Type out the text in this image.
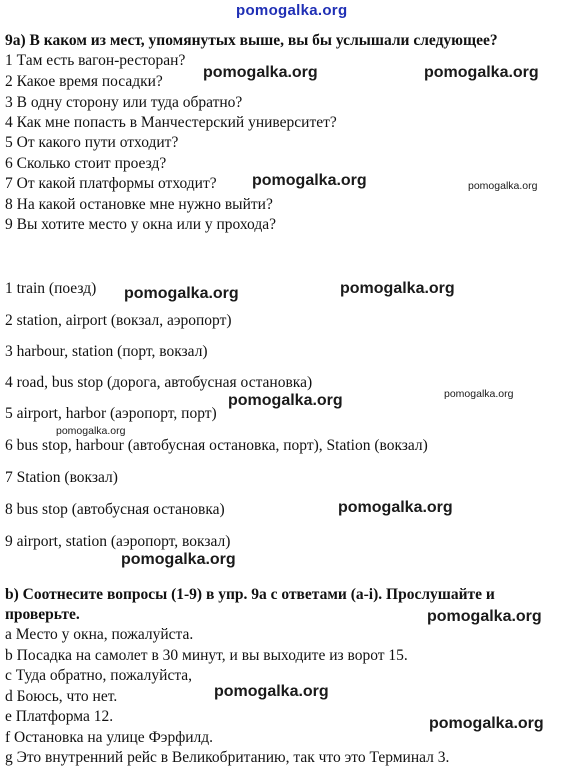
pomogalka.org
9a) В каком из мест, упомянутых выше, вы бы услышали следующее?
1 Там есть вагон-ресторан?
2 Какое время посадки?
3 В одну сторону или туда обратно?
4 Как мне попасть в Манчестерский университет?
5 От какого пути отходит?
6 Сколько стоит проезд?
7 От какой платформы отходит?
8 На какой остановке мне нужно выйти?
9 Вы хотите место у окна или у прохода?
1 train (поезд)
2 station, airport (вокзал, аэропорт)
3 harbour, station (порт, вокзал)
4 road, bus stop (дорога, автобусная остановка)
5 airport, harbor (аэропорт, порт)
6 bus stop, harbour (автобусная остановка, порт), Station (вокзал)
7 Station (вокзал)
8 bus stop (автобусная остановка)
9 airport, station (аэропорт, вокзал)
b) Соотнесите вопросы (1-9) в упр. 9а с ответами (a-i). Прослушайте и
проверьте.
a Место у окна, пожалуйста.
b Посадка на самолет в 30 минут, и вы выходите из ворот 15.
c Туда обратно, пожалуйста,
d Боюсь, что нет.
e Платформа 12.
f Остановка на улице Фэрфилд.
g Это внутренний рейс в Великобританию, так что это Терминал 3.
pomogalka.org	pomogalka.org
pomogalka.org	pomogalka.org
pomogalka.org	pomogalka.org
pomogalka.org
pomogalka.org
pomogalka.org
pomogalka.org
pomogalka.org
pomogalka.org
pomogalka.org
pomogalka.org
